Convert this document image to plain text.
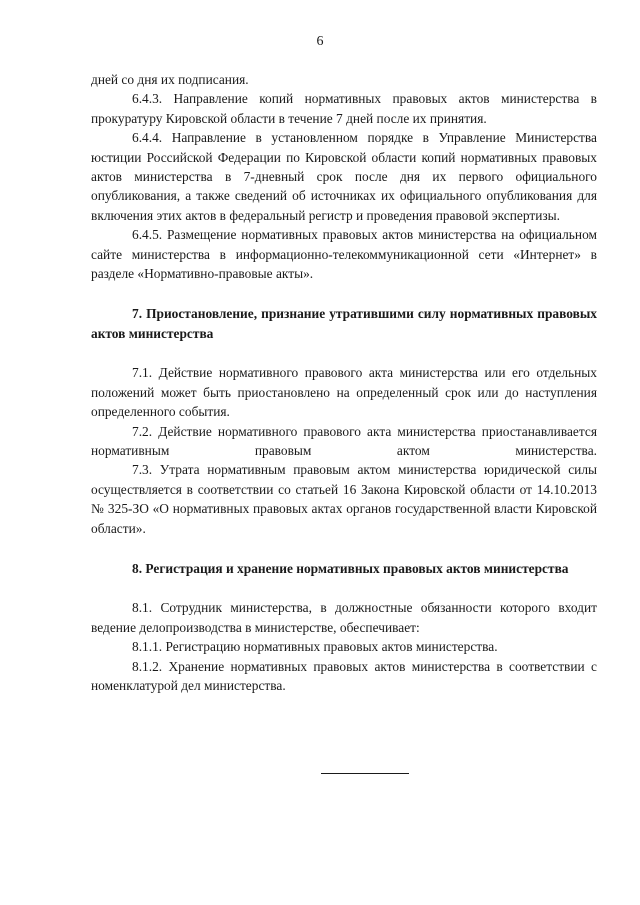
6

дней со дня их подписания.

6.4.3. Направление копий нормативных правовых актов министерства в прокуратуру Кировской области в течение 7 дней после их принятия.

6.4.4. Направление в установленном порядке в Управление Министерства юстиции Российской Федерации по Кировской области копий нормативных правовых актов министерства в 7-дневный срок после дня их первого официального опубликования, а также сведений об источниках их официального опубликования для включения этих актов в федеральный регистр и проведения правовой экспертизы.

6.4.5. Размещение нормативных правовых актов министерства на официальном сайте министерства в информационно-телекоммуникационной сети «Интернет» в разделе «Нормативно-правовые акты».

7. Приостановление, признание утратившими силу нормативных правовых актов министерства

7.1. Действие нормативного правового акта министерства или его отдельных положений может быть приостановлено на определенный срок или до наступления определенного события.

7.2. Действие нормативного правового акта министерства приостанавливается нормативным правовым актом министерства.

7.3. Утрата нормативным правовым актом министерства юридической силы осуществляется в соответствии со статьей 16 Закона Кировской области от 14.10.2013 № 325-ЗО «О нормативных правовых актах органов государственной власти Кировской области».

8. Регистрация и хранение нормативных правовых актов министерства

8.1. Сотрудник министерства, в должностные обязанности которого входит ведение делопроизводства в министерстве, обеспечивает:

8.1.1. Регистрацию нормативных правовых актов министерства.

8.1.2. Хранение нормативных правовых актов министерства в соответствии с номенклатурой дел министерства.
